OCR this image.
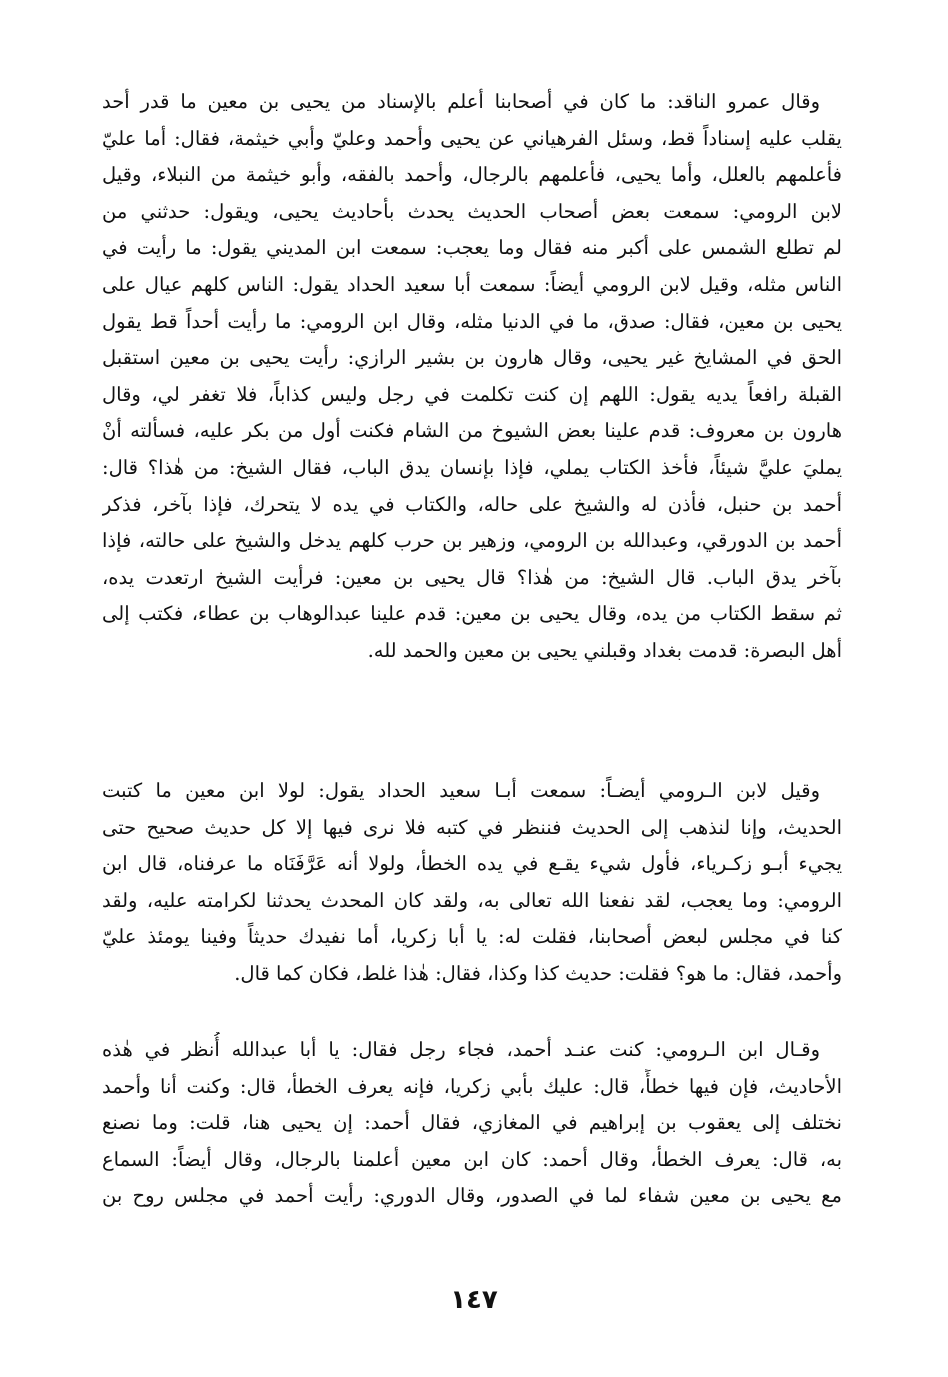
وقال عمرو الناقد: ما كان في أصحابنا أعلم بالإسناد من يحيى بن معين ما قدر أحد
يقلب عليه إسناداً قط، وسئل الفرهياني عن يحيى وأحمد وعليّ وأبي خيثمة، فقال: أما عليّ
فأعلمهم بالعلل، وأما يحيى، فأعلمهم بالرجال، وأحمد بالفقه، وأبو خيثمة من النبلاء، وقيل
لابن الرومي: سمعت بعض أصحاب الحديث يحدث بأحاديث يحيى، ويقول: حدثني من
لم تطلع الشمس على أكبر منه فقال وما يعجب: سمعت ابن المديني يقول: ما رأيت في
الناس مثله، وقيل لابن الرومي أيضاً: سمعت أبا سعيد الحداد يقول: الناس كلهم عيال على
يحيى بن معين، فقال: صدق، ما في الدنيا مثله، وقال ابن الرومي: ما رأيت أحداً قط يقول
الحق في المشايخ غير يحيى، وقال هارون بن بشير الرازي: رأيت يحيى بن معين استقبل
القبلة رافعاً يديه يقول: اللهم إن كنت تكلمت في رجل وليس كذاباً، فلا تغفر لي، وقال
هارون بن معروف: قدم علينا بعض الشيوخ من الشام فكنت أول من بكر عليه، فسألته أنْ
يمليَ عليَّ شيئاً، فأخذ الكتاب يملي، فإذا بإنسان يدق الباب، فقال الشيخ: من هٰذا؟ قال:
أحمد بن حنبل، فأذن له والشيخ على حاله، والكتاب في يده لا يتحرك، فإذا بآخر، فذكر
أحمد بن الدورقي، وعبدالله بن الرومي، وزهير بن حرب كلهم يدخل والشيخ على حالته، فإذا
بآخر يدق الباب. قال الشيخ: من هٰذا؟ قال يحيى بن معين: فرأيت الشيخ ارتعدت يده،
ثم سقط الكتاب من يده، وقال يحيى بن معين: قدم علينا عبدالوهاب بن عطاء، فكتب إلى
أهل البصرة: قدمت بغداد وقبلني يحيى بن معين والحمد لله.
وقيل لابن الـرومي أيضـاً: سمعت أبـا سعيد الحداد يقول: لولا ابن معين ما كتبت
الحديث، وإنا لنذهب إلى الحديث فننظر في كتبه فلا نرى فيها إلا كل حديث صحيح حتى
يجيء أبـو زكـرياء، فأول شيء يقـع في يده الخطأ، ولولا أنه عَرَّفَنَاه ما عرفناه، قال ابن
الرومي: وما يعجب، لقد نفعنا الله تعالى به، ولقد كان المحدث يحدثنا لكرامته عليه، ولقد
كنا في مجلس لبعض أصحابنا، فقلت له: يا أبا زكريا، أما نفيدك حديثاً وفينا يومئذ عليّ
وأحمد، فقال: ما هو؟ فقلت: حديث كذا وكذا، فقال: هٰذا غلط، فكان كما قال.
وقـال ابن الـرومي: كنت عنـد أحمد، فجاء رجل فقال: يا أبا عبدالله أُنظر في هٰذه
الأحاديث، فإن فيها خطأً، قال: عليك بأبي زكريا، فإنه يعرف الخطأ، قال: وكنت أنا وأحمد
نختلف إلى يعقوب بن إبراهيم في المغازي، فقال أحمد: إن يحيى هنا، قلت: وما نصنع
به، قال: يعرف الخطأ، وقال أحمد: كان ابن معين أعلمنا بالرجال، وقال أيضاً: السماع
مع يحيى بن معين شفاء لما في الصدور، وقال الدوري: رأيت أحمد في مجلس روح بن
١٤٧
